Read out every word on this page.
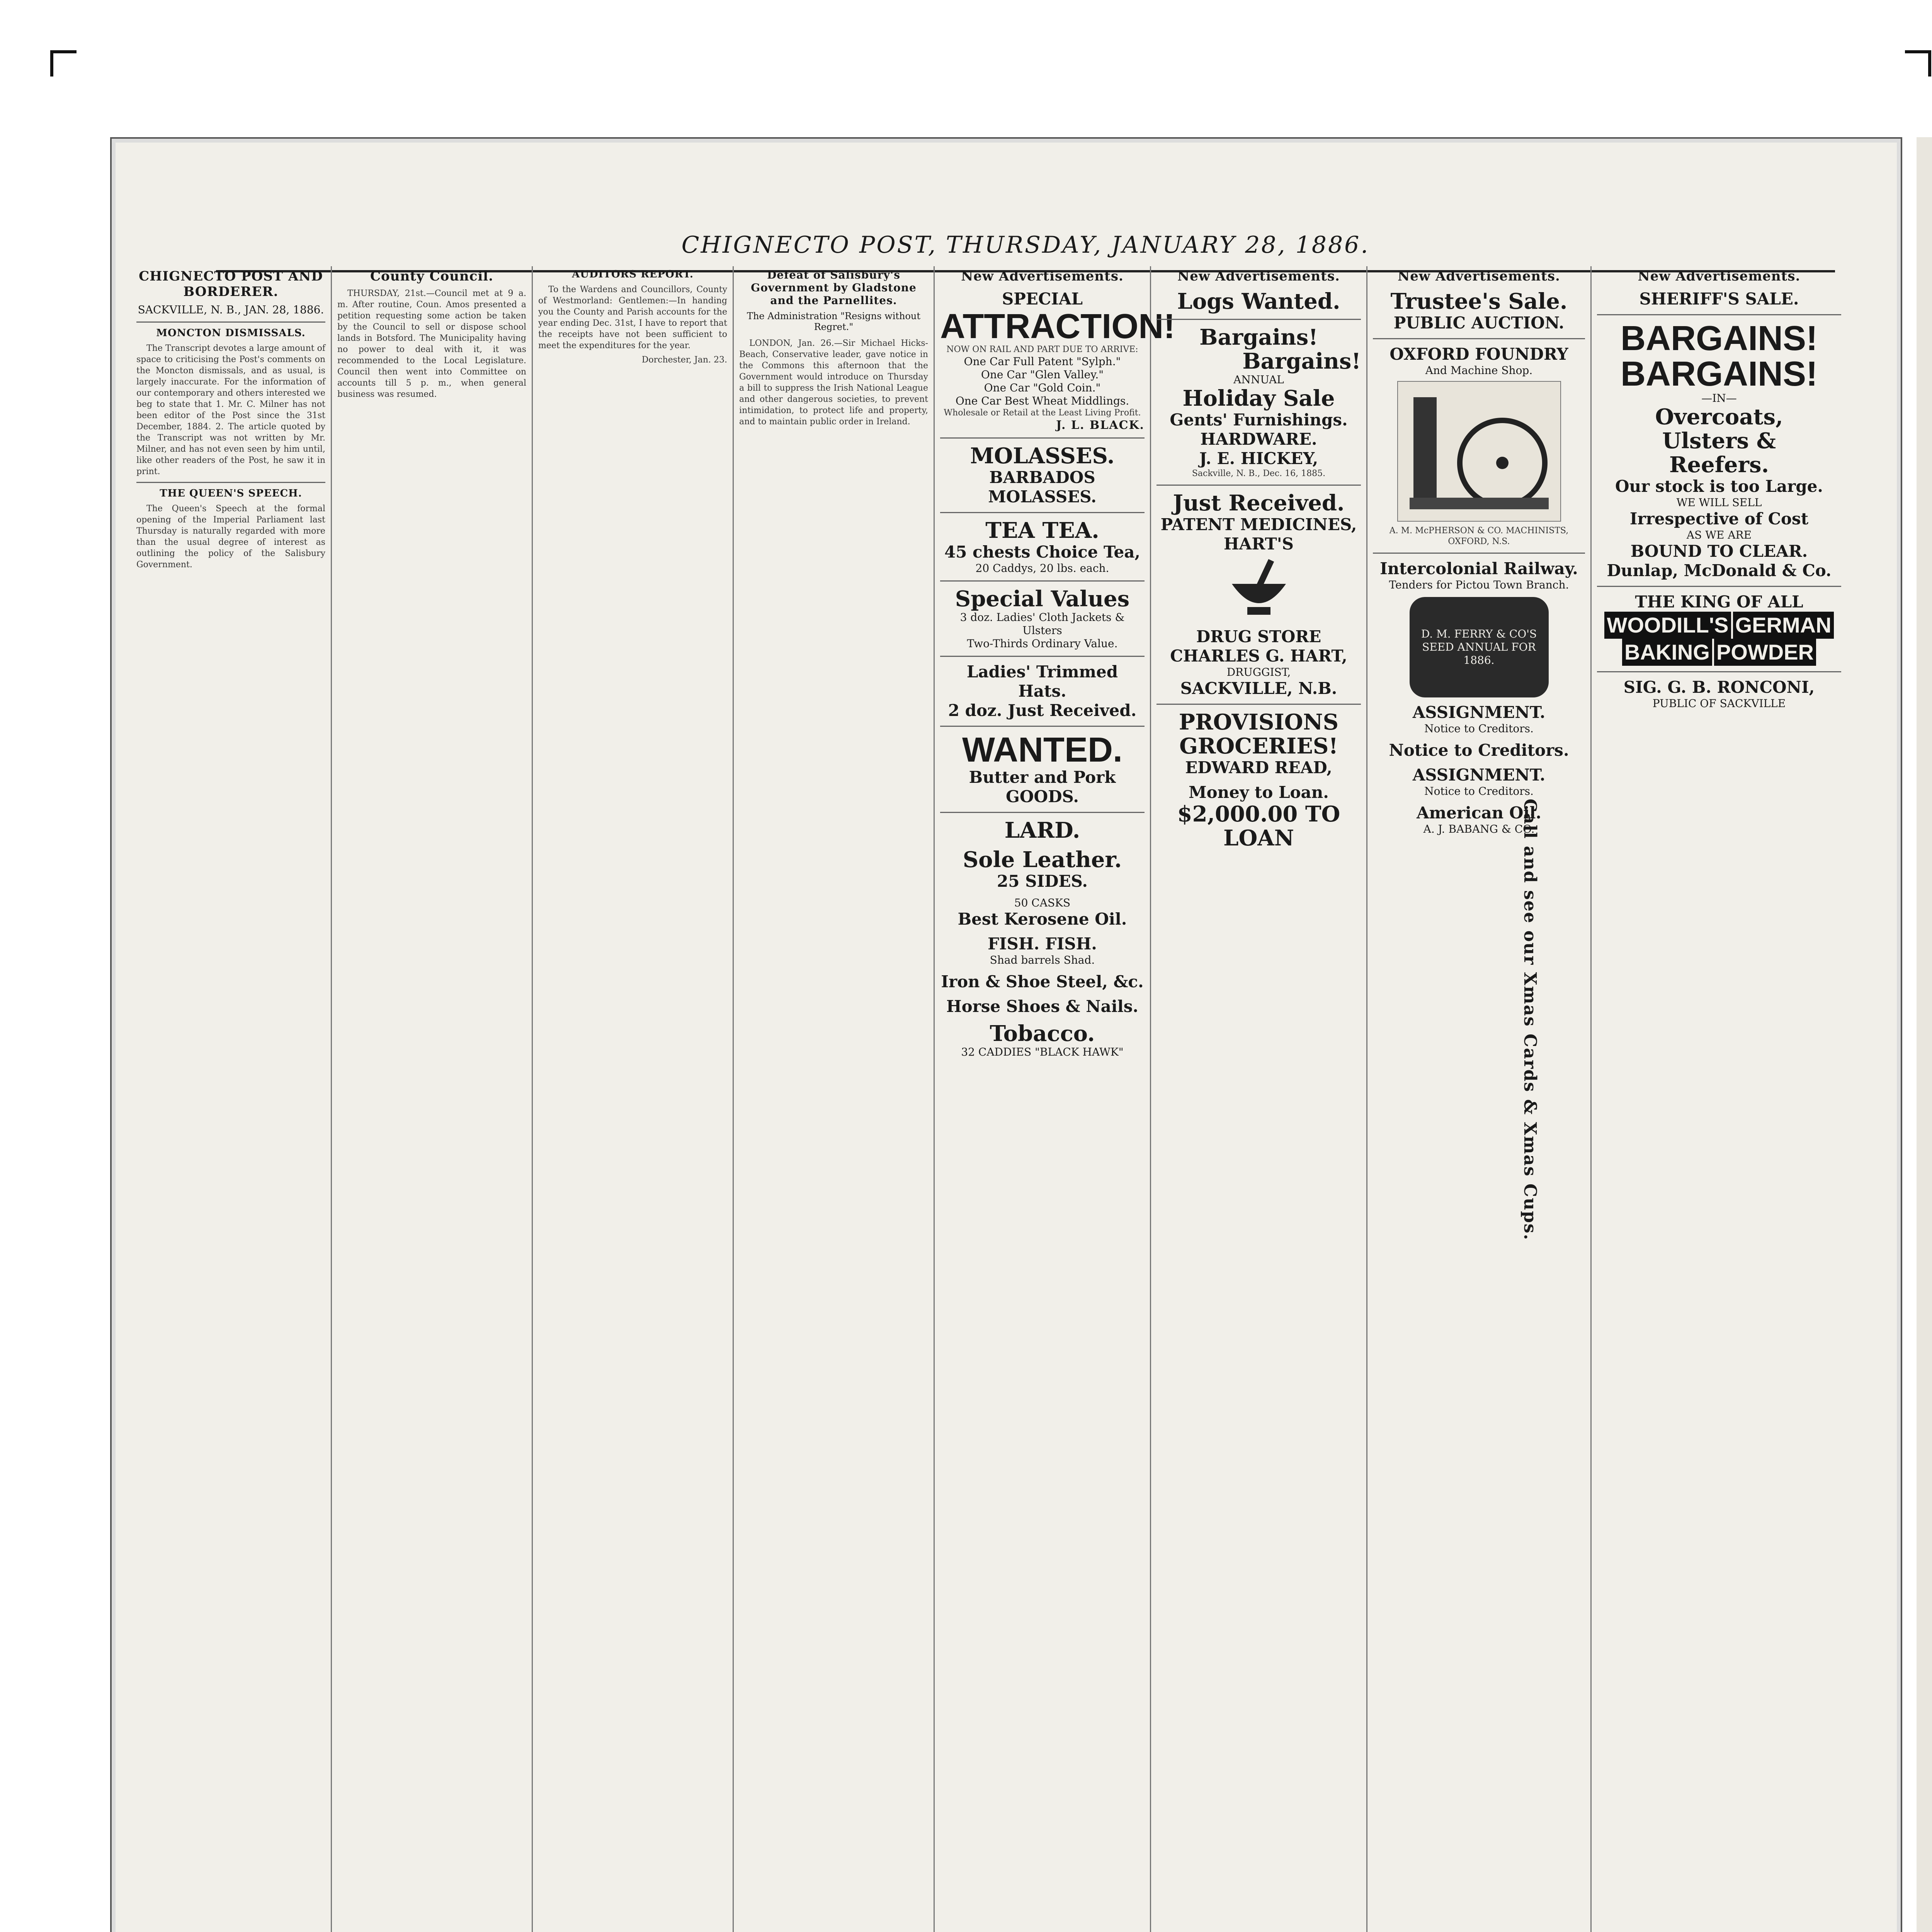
CHIGNECTO POST, THURSDAY, JANUARY 28, 1886.
CHIGNECTO POST AND BORDERER.
SACKVILLE, N. B., JAN. 28, 1886.
MONCTON DISMISSALS.

The Transcript devotes a large amount of space to criticising the Post's comments on the Moncton dismissals, and as usual, is largely inaccurate. For the information of our contemporary and others interested we beg to state that 1. Mr. C. Milner has not been editor of the Post since the 31st December, 1884. 2. The article quoted by the Transcript was not written by Mr. Milner, and has not even seen by him until, like other readers of the Post, he saw it in print.

THE QUEEN'S SPEECH.

The Queen's Speech at the formal opening of the Imperial Parliament last Thursday is naturally regarded with more than the usual degree of interest as outlining the policy of the Salisbury Government.

County Council.

THURSDAY, 21st.—Council met at 9 a. m. After routine, Coun. Amos presented a petition requesting some action be taken by the Council to sell or dispose school lands in Botsford. The Municipality having no power to deal with it, it was recommended to the Local Legislature. Council then went into Committee on accounts till 5 p. m., when general business was resumed.

AUDITORS REPORT.

To the Wardens and Councillors, County of Westmorland: Gentlemen:—In handing you the County and Parish accounts for the year ending Dec. 31st, I have to report that the receipts have not been sufficient to meet the expenditures for the year.

Dorchester, Jan. 23.
Defeat of Salisbury's Government by Gladstone and the Parnellites.
The Administration "Resigns without Regret."

LONDON, Jan. 26.—Sir Michael Hicks-Beach, Conservative leader, gave notice in the Commons this afternoon that the Government would introduce on Thursday a bill to suppress the Irish National League and other dangerous societies, to prevent intimidation, to protect life and property, and to maintain public order in Ireland.

New Advertisements.
SPECIAL
ATTRACTION!
NOW ON RAIL AND PART DUE TO ARRIVE:
One Car Full Patent "Sylph."
One Car "Glen Valley."
One Car "Gold Coin."
One Car Best Wheat Middlings.
Wholesale or Retail at the Least Living Profit.
J. L. BLACK.
MOLASSES.
BARBADOS MOLASSES.
TEA TEA.
45 chests Choice Tea,
20 Caddys, 20 lbs. each.
Special Values
3 doz. Ladies' Cloth Jackets & Ulsters
Two-Thirds Ordinary Value.
Ladies' Trimmed Hats.
2 doz. Just Received.
WANTED.
Butter and Pork
GOODS.
LARD.
Sole Leather.
25 SIDES.
50 CASKS
Best Kerosene Oil.
FISH. FISH.
Shad barrels Shad.
Iron & Shoe Steel, &c.
Horse Shoes & Nails.
Tobacco.
32 CADDIES "BLACK HAWK"
New Advertisements.
Logs Wanted.
Bargains!
Bargains!
ANNUAL
Holiday Sale
Gents' Furnishings.
HARDWARE.
J. E. HICKEY,
Sackville, N. B., Dec. 16, 1885.
Just Received.
PATENT MEDICINES,
HART'S
DRUG STORE
CHARLES G. HART,
DRUGGIST,
SACKVILLE, N.B.
PROVISIONS
GROCERIES!
EDWARD READ,
Money to Loan.
$2,000.00 TO LOAN	Call and see our Xmas Cards & Xmas Cups.
New Advertisements.
Trustee's Sale.
PUBLIC AUCTION.
OXFORD FOUNDRY
And Machine Shop.
A. M. McPHERSON & CO. MACHINISTS, OXFORD, N.S.
Intercolonial Railway.
Tenders for Pictou Town Branch.
D. M. FERRY & CO'S SEED ANNUAL FOR 1886.
ASSIGNMENT.
Notice to Creditors.
Notice to Creditors.
ASSIGNMENT.
Notice to Creditors.
American Oil.
A. J. BABANG & CO.
New Advertisements.
SHERIFF'S SALE.
BARGAINS!
BARGAINS!
—IN—
Overcoats,
Ulsters &
Reefers.
Our stock is too Large.
WE WILL SELL
Irrespective of Cost
AS WE ARE
BOUND TO CLEAR.
Dunlap, McDonald & Co.
THE KING OF ALL
WOODILL'S GERMAN BAKING POWDER
SIG. G. B. RONCONI,
PUBLIC OF SACKVILLE
